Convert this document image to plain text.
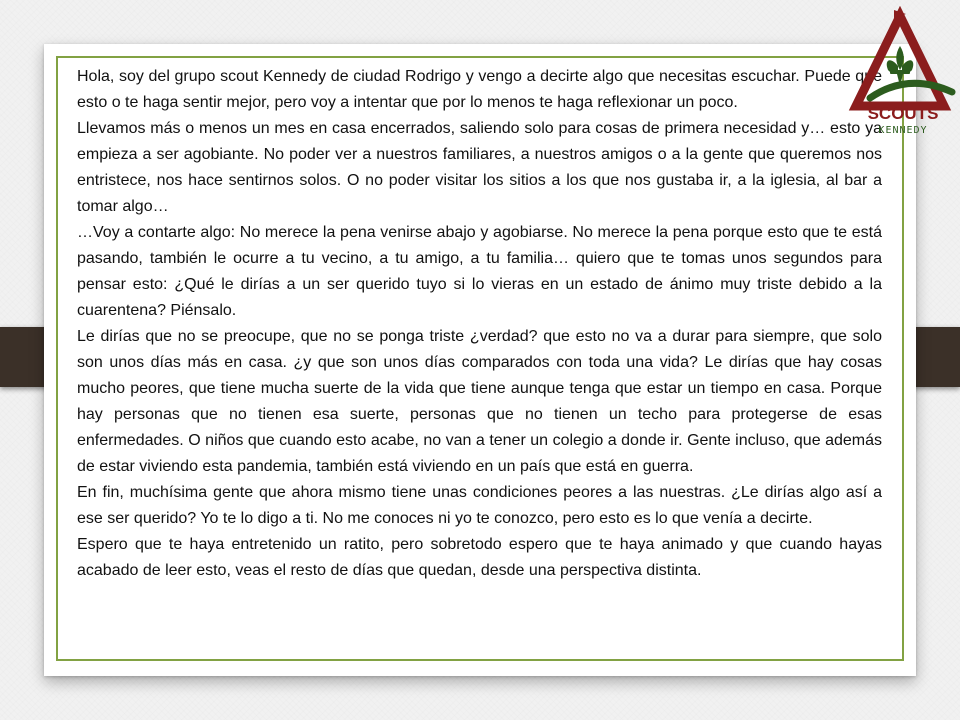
Hola, soy del grupo scout Kennedy de ciudad Rodrigo y vengo a decirte algo que necesitas escuchar. Puede que esto o te haga sentir mejor, pero voy a intentar que por lo menos te haga reflexionar un poco.

Llevamos más o menos un mes en casa encerrados, saliendo solo para cosas de primera necesidad y… esto ya empieza a ser agobiante. No poder ver a nuestros familiares, a nuestros amigos o a la gente que queremos nos entristece, nos hace sentirnos solos. O no poder visitar los sitios a los que nos gustaba ir, a la iglesia, al bar a tomar algo…

…Voy a contarte algo: No merece la pena venirse abajo y agobiarse. No merece la pena porque esto que te está pasando, también le ocurre a tu vecino, a tu amigo, a tu familia… quiero que te tomas unos segundos para pensar esto: ¿Qué le dirías a un ser querido tuyo si lo vieras en un estado de ánimo muy triste debido a la cuarentena? Piénsalo.

Le dirías que no se preocupe, que no se ponga triste ¿verdad? que esto no va a durar para siempre, que solo son unos días más en casa. ¿y que son unos días comparados con toda una vida? Le dirías que hay cosas mucho peores, que tiene mucha suerte de la vida que tiene aunque tenga que estar un tiempo en casa. Porque hay personas que no tienen esa suerte, personas que no tienen un techo para protegerse de esas enfermedades. O niños que cuando esto acabe, no van a tener un colegio a donde ir. Gente incluso, que además de estar viviendo esta pandemia, también está viviendo en un país que está en guerra.

En fin, muchísima gente que ahora mismo tiene unas condiciones peores a las nuestras. ¿Le dirías algo así a ese ser querido? Yo te lo digo a ti. No me conoces ni yo te conozco, pero esto es lo que venía a decirte.

Espero que te haya entretenido un ratito, pero sobretodo espero que te haya animado y que cuando hayas acabado de leer esto, veas el resto de días que quedan, desde una perspectiva distinta.

SCOUTS
KENNEDY
